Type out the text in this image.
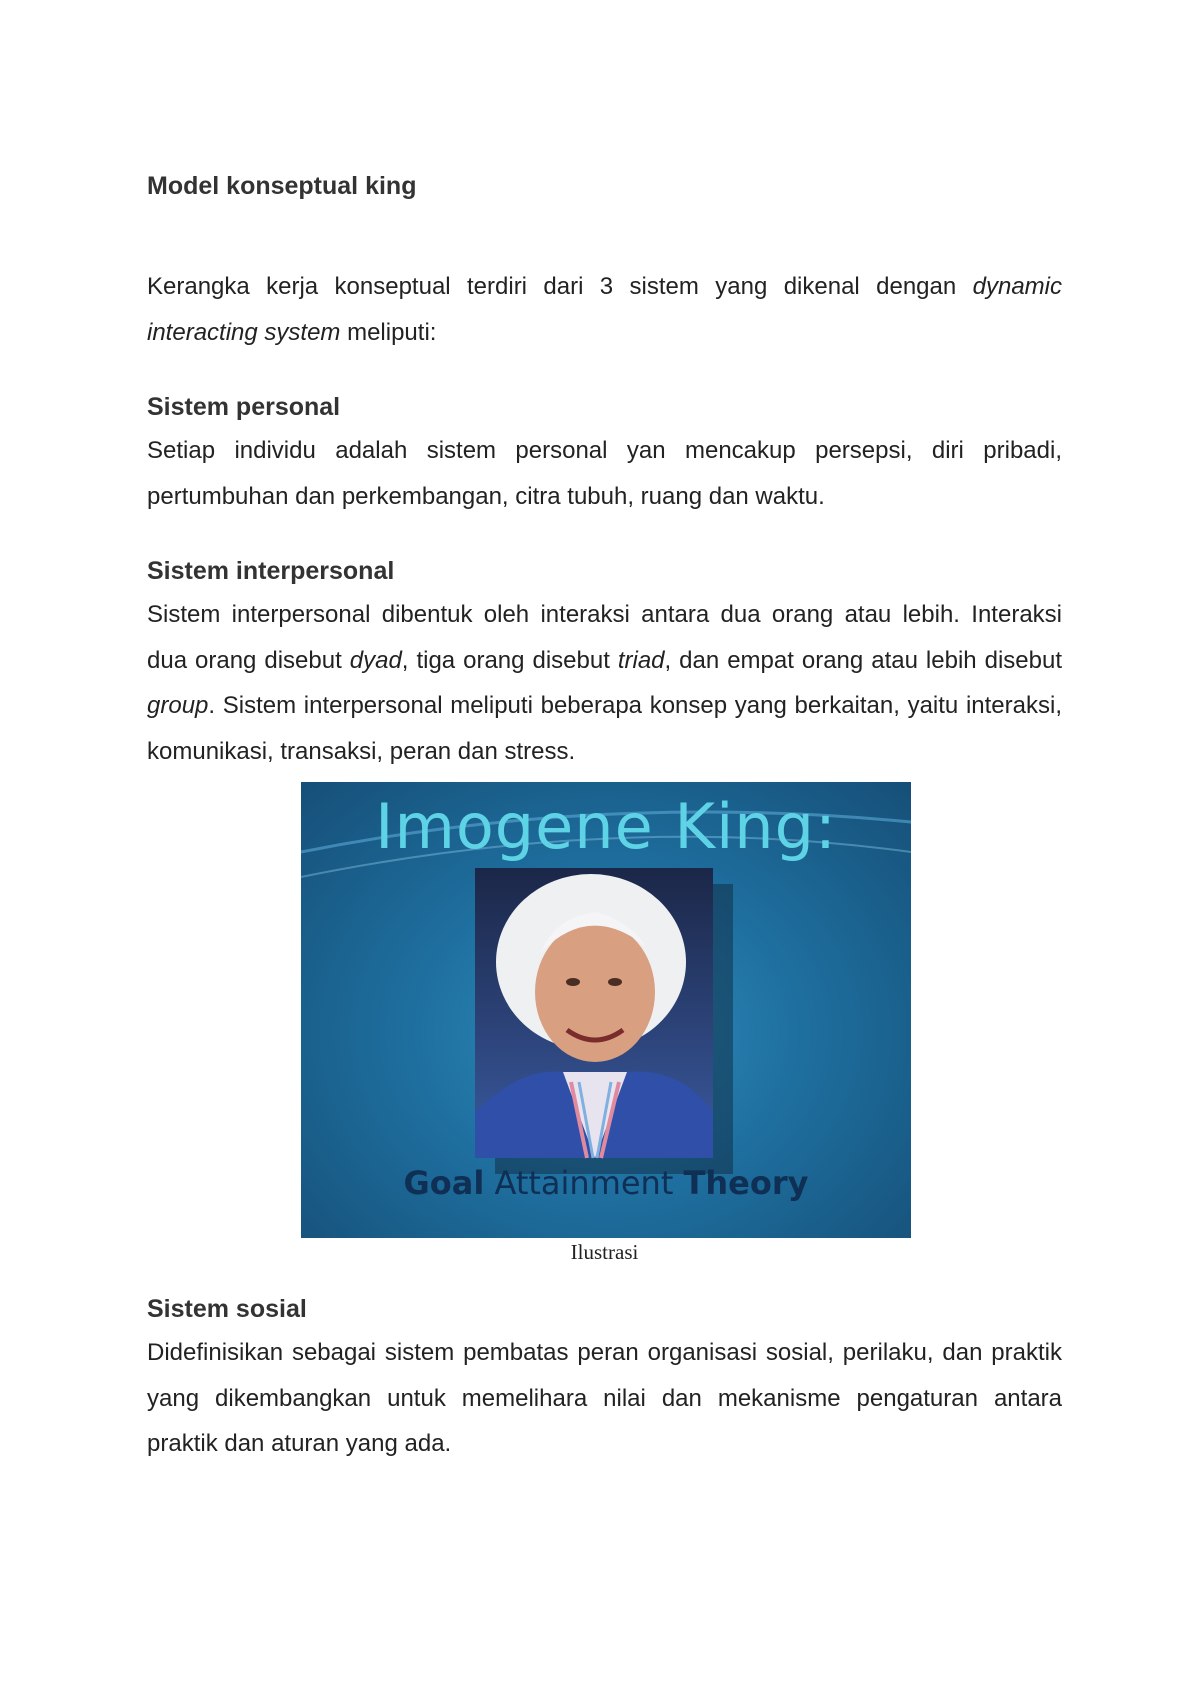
Model konseptual king
Kerangka kerja konseptual terdiri dari 3 sistem yang dikenal dengan dynamic interacting system meliputi:
Sistem personal
Setiap individu adalah sistem personal yan mencakup persepsi, diri pribadi, pertumbuhan dan perkembangan, citra tubuh, ruang dan waktu.
Sistem interpersonal
Sistem interpersonal dibentuk oleh interaksi antara dua orang atau lebih. Interaksi dua orang disebut dyad, tiga orang disebut triad, dan empat orang atau lebih disebut group. Sistem interpersonal meliputi beberapa konsep yang berkaitan, yaitu interaksi, komunikasi, transaksi, peran dan stress.
Imogene King:
Goal Attainment Theory
Ilustrasi
Sistem sosial
Didefinisikan sebagai sistem pembatas peran organisasi sosial, perilaku, dan praktik yang dikembangkan untuk memelihara nilai dan mekanisme pengaturan antara praktik dan aturan yang ada.
